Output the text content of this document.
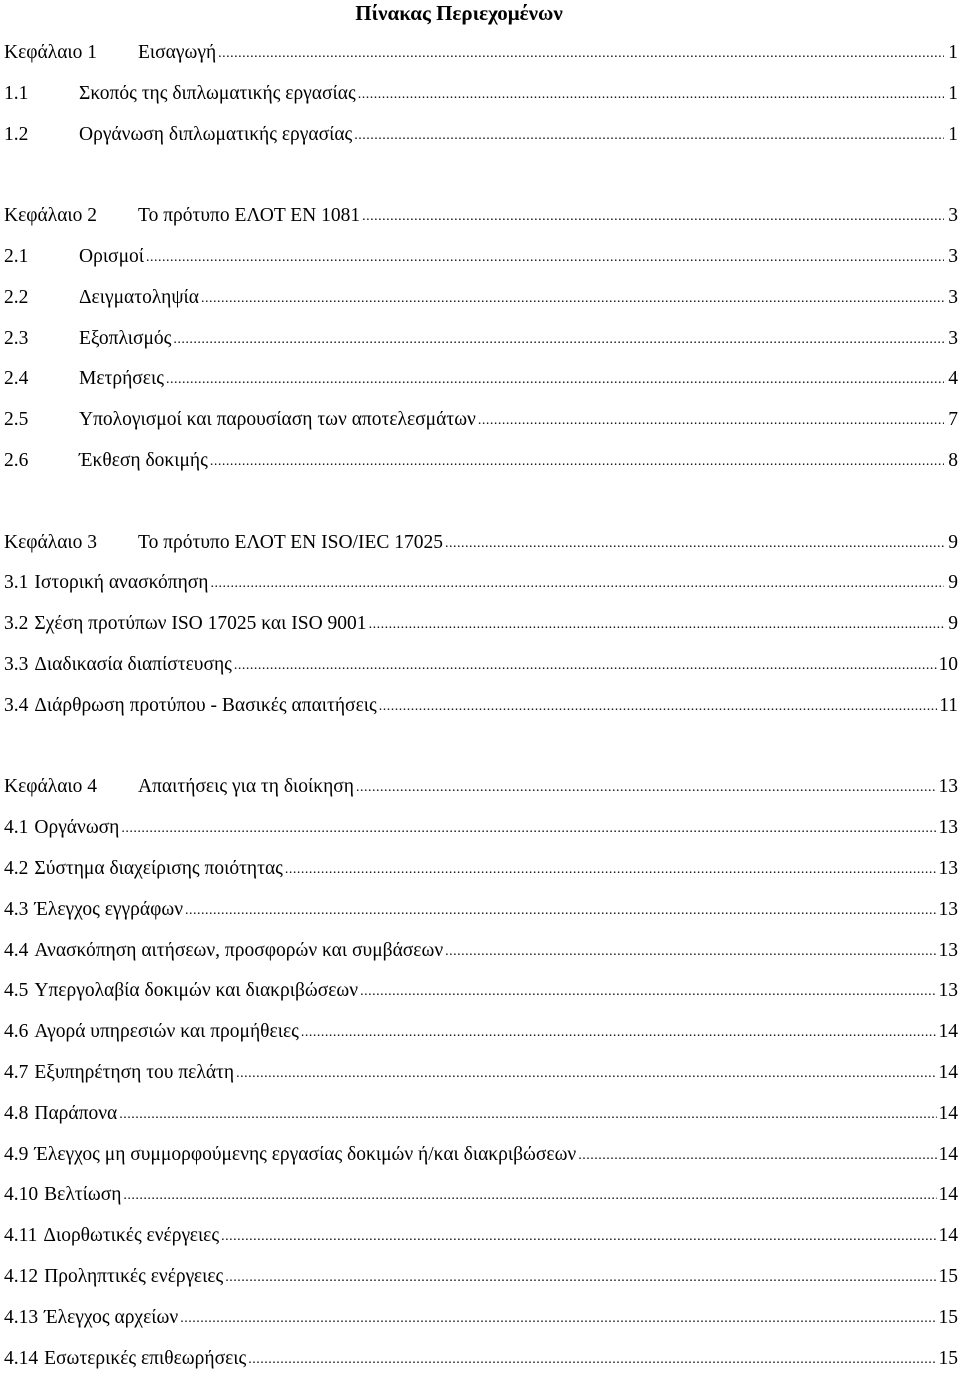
Πίνακας Περιεχομένων
Κεφάλαιο 1	Εισαγωγή .....	1
1.1	Σκοπός της διπλωματικής εργασίας .....	1
1.2	Οργάνωση διπλωματικής εργασίας .....	1
Κεφάλαιο 2	Το πρότυπο ΕΛΟΤ ΕΝ 1081 .....	3
2.1	Ορισμοί .....	3
2.2	Δειγματοληψία .....	3
2.3	Εξοπλισμός .....	3
2.4	Μετρήσεις .....	4
2.5	Υπολογισμοί και παρουσίαση των αποτελεσμάτων .....	7
2.6	Έκθεση δοκιμής .....	8
Κεφάλαιο 3	Το πρότυπο ΕΛΟΤ ΕΝ ISO/IEC 17025 .....	9
3.1 Ιστορική ανασκόπηση .....	9
3.2 Σχέση προτύπων ISO 17025 και ISO 9001 .....	9
3.3 Διαδικασία διαπίστευσης .....	10
3.4 Διάρθρωση προτύπου - Βασικές απαιτήσεις .....	11
Κεφάλαιο 4	Απαιτήσεις για τη διοίκηση .....	13
4.1 Οργάνωση .....	13
4.2 Σύστημα διαχείρισης ποιότητας .....	13
4.3 Έλεγχος εγγράφων .....	13
4.4 Ανασκόπηση αιτήσεων, προσφορών και συμβάσεων .....	13
4.5 Υπεργολαβία δοκιμών και διακριβώσεων .....	13
4.6 Αγορά υπηρεσιών και προμήθειες .....	14
4.7 Εξυπηρέτηση του πελάτη .....	14
4.8 Παράπονα .....	14
4.9 Έλεγχος μη συμμορφούμενης εργασίας δοκιμών ή/και διακριβώσεων .....	14
4.10 Βελτίωση .....	14
4.11 Διορθωτικές ενέργειες .....	14
4.12 Προληπτικές ενέργειες .....	15
4.13 Έλεγχος αρχείων .....	15
4.14 Εσωτερικές επιθεωρήσεις .....	15
